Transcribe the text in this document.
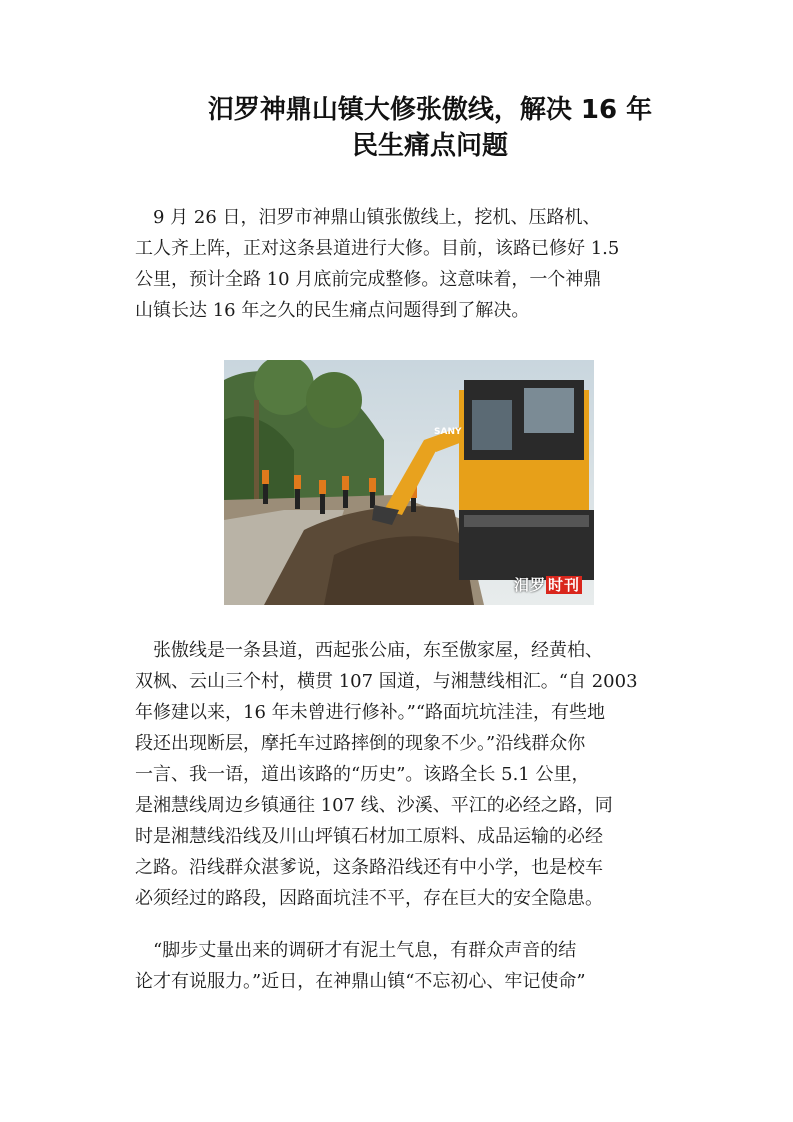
汨罗神鼎山镇大修张傲线，解决 16 年
民生痛点问题

　9 月 26 日，汨罗市神鼎山镇张傲线上，挖机、压路机、
工人齐上阵，正对这条县道进行大修。目前，该路已修好 1.5
公里，预计全路 10 月底前完成整修。这意味着，一个神鼎
山镇长达 16 年之久的民生痛点问题得到了解决。

SANY
汨罗 时刊

　张傲线是一条县道，西起张公庙，东至傲家屋，经黄柏、
双枫、云山三个村，横贯 107 国道，与湘慧线相汇。“自 2003
年修建以来，16 年未曾进行修补。”“路面坑坑洼洼，有些地
段还出现断层，摩托车过路摔倒的现象不少。”沿线群众你
一言、我一语，道出该路的“历史”。该路全长 5.1 公里，
是湘慧线周边乡镇通往 107 线、沙溪、平江的必经之路，同
时是湘慧线沿线及川山坪镇石材加工原料、成品运输的必经
之路。沿线群众湛爹说，这条路沿线还有中小学，也是校车
必须经过的路段，因路面坑洼不平，存在巨大的安全隐患。

　“脚步丈量出来的调研才有泥土气息，有群众声音的结
论才有说服力。”近日，在神鼎山镇“不忘初心、牢记使命”
